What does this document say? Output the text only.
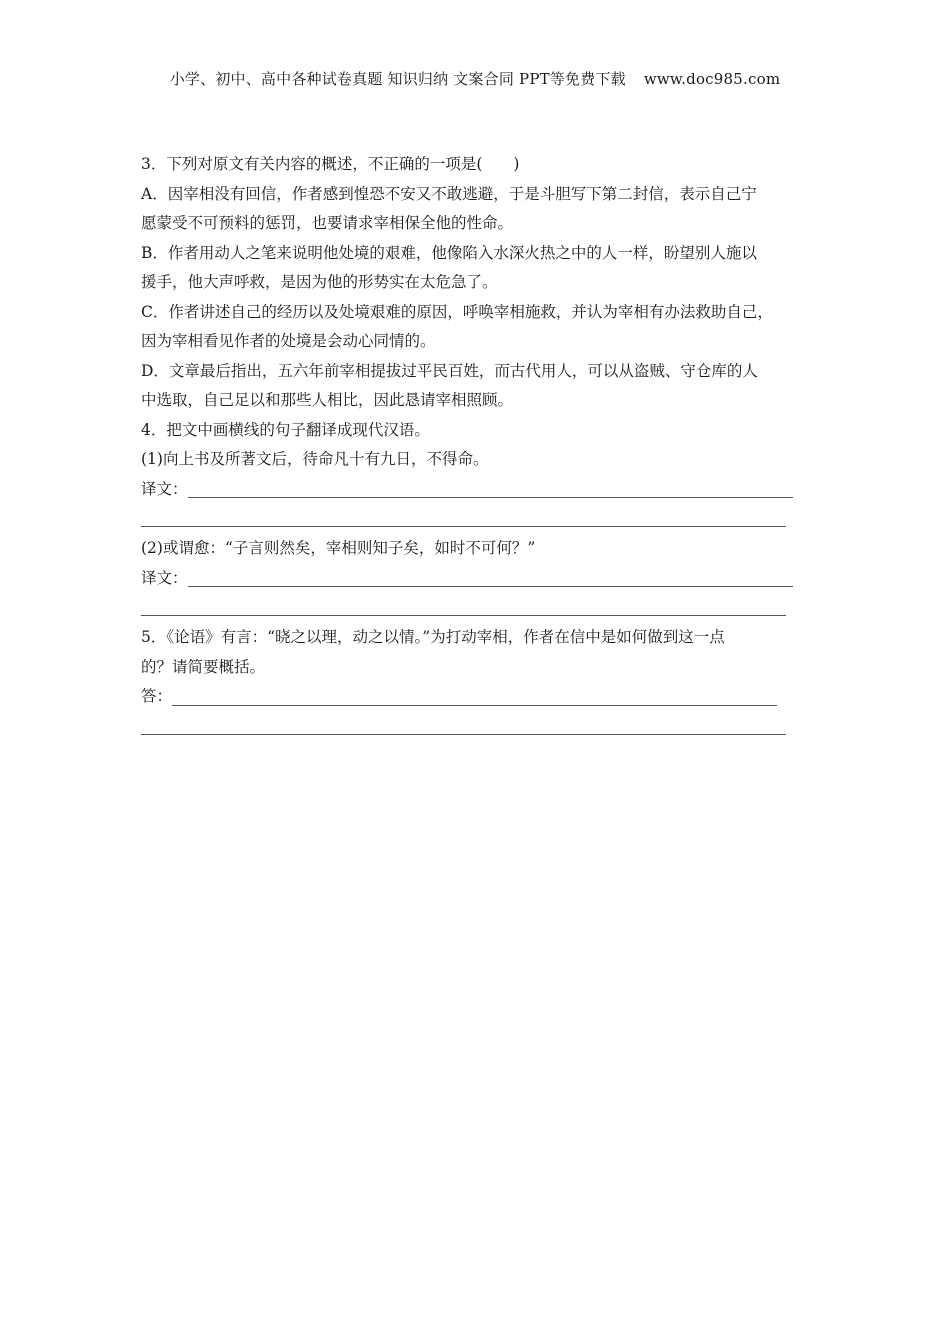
小学、初中、高中各种试卷真题 知识归纳 文案合同 PPT等免费下载 www.doc985.com
3．下列对原文有关内容的概述，不正确的一项是(　　)
A．因宰相没有回信，作者感到惶恐不安又不敢逃避，于是斗胆写下第二封信，表示自己宁
愿蒙受不可预料的惩罚，也要请求宰相保全他的性命。
B．作者用动人之笔来说明他处境的艰难，他像陷入水深火热之中的人一样，盼望别人施以
援手，他大声呼救，是因为他的形势实在太危急了。
C．作者讲述自己的经历以及处境艰难的原因，呼唤宰相施救，并认为宰相有办法救助自己，
因为宰相看见作者的处境是会动心同情的。
D．文章最后指出，五六年前宰相提拔过平民百姓，而古代用人，可以从盗贼、守仓库的人
中选取，自己足以和那些人相比，因此恳请宰相照顾。
4．把文中画横线的句子翻译成现代汉语。
(1)向上书及所著文后，待命凡十有九日，不得命。
译文：
(2)或谓愈：“子言则然矣，宰相则知子矣，如时不可何？”
译文：
5．《论语》有言：“晓之以理，动之以情。”为打动宰相，作者在信中是如何做到这一点
的？请简要概括。
答：
